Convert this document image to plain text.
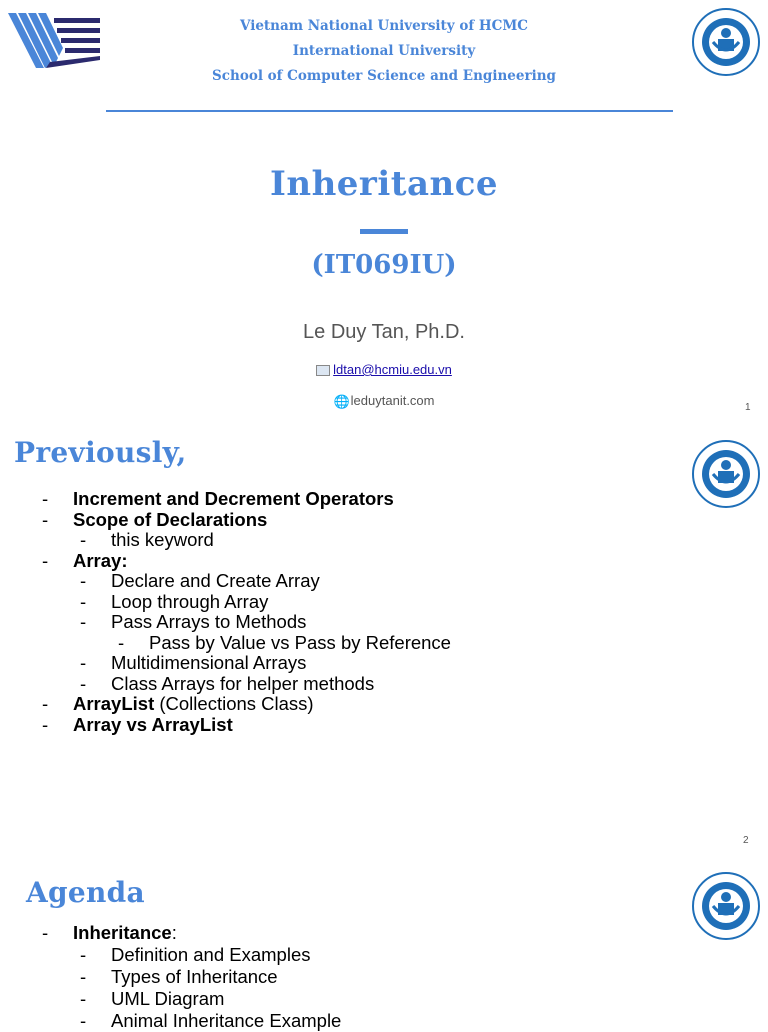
Vietnam National University of HCMC
International University
School of Computer Science and Engineering
Inheritance
(IT069IU)
Le Duy Tan, Ph.D.
ldtan@hcmiu.edu.vn
🌐leduytanit.com	1
Previously,
- Increment and Decrement Operators
- Scope of Declarations
- this keyword
- Array:
- Declare and Create Array
- Loop through Array
- Pass Arrays to Methods
- Pass by Value vs Pass by Reference
- Multidimensional Arrays
- Class Arrays for helper methods
- ArrayList (Collections Class)
- Array vs ArrayList
2
Agenda
- Inheritance:
- Definition and Examples
- Types of Inheritance
- UML Diagram
- Animal Inheritance Example
